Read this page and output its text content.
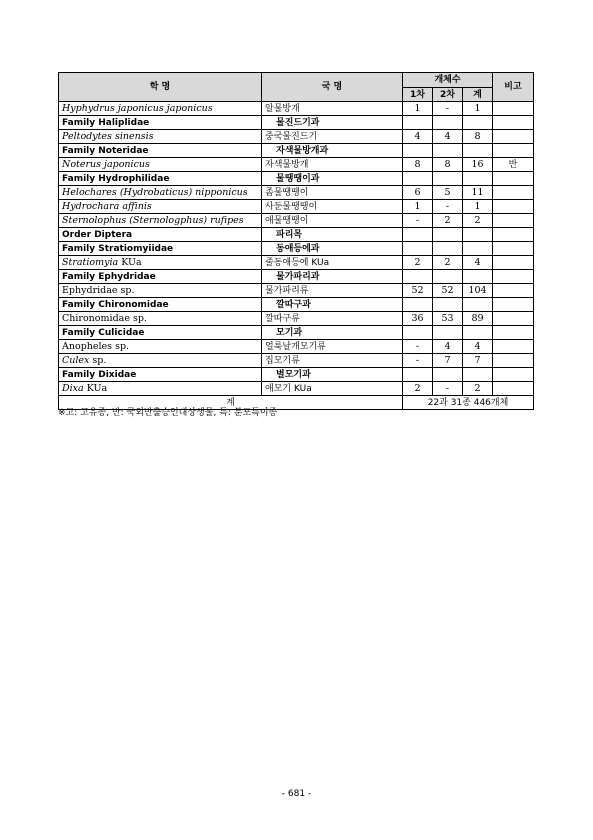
학 명	국 명	개체수			비고
		1차	2차	계	
Hyphydrus japonicus japonicus	알물방개	1	-	1	
Family Haliplidae	물진드기과				
Peltodytes sinensis	중국물진드기	4	4	8	
Family Noteridae	자색물방개과				
Noterus japonicus	자색물방개	8	8	16	반
Family Hydrophilidae	물땡땡이과				
Helochares (Hydrobaticus) nipponicus	좀물땡땡이	6	5	11	
Hydrochara affinis	사둔물땡땡이	1	-	1	
Sternolophus (Sternologphus) rufipes	애물땡땡이	-	2	2	
Order Diptera	파리목				
Family Stratiomyiidae	동애등에과				
Stratiomyia KUa	줄동애등에 KUa	2	2	4	
Family Ephydridae	물가파리과				
Ephydridae sp.	물가파리류	52	52	104	
Family Chironomidae	깔따구과				
Chironomidae sp.	깔따구류	36	53	89	
Family Culicidae	모기과				
Anopheles sp.	얼룩날개모기류	-	4	4	
Culex sp.	집모기류	-	7	7	
Family Dixidae	별모기과				
Dixa KUa	애모기 KUa	2	-	2	
계		22과 31종 446개체			
※고: 고유종, 반: 국외반출승인대상생물, 특: 분포특이종
- 681 -
